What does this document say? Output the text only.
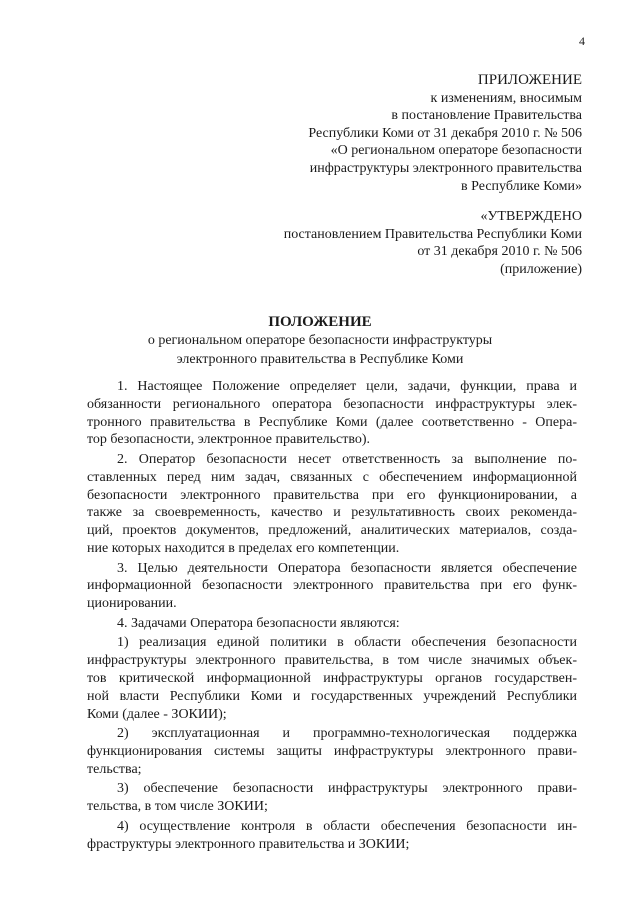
4
ПРИЛОЖЕНИЕ
к изменениям, вносимым
в постановление Правительства
Республики Коми от 31 декабря 2010 г. № 506
«О региональном операторе безопасности
инфраструктуры электронного правительства
в Республике Коми»
«УТВЕРЖДЕНО
постановлением Правительства Республики Коми
от 31 декабря 2010 г. № 506
(приложение)
ПОЛОЖЕНИЕ
о региональном операторе безопасности инфраструктуры
электронного правительства в Республике Коми
1. Настоящее Положение определяет цели, задачи, функции, права и
обязанности регионального оператора безопасности инфраструктуры элек-
тронного правительства в Республике Коми (далее соответственно - Опера-
тор безопасности, электронное правительство).
2. Оператор безопасности несет ответственность за выполнение по-
ставленных перед ним задач, связанных с обеспечением информационной
безопасности электронного правительства при его функционировании, а
также за своевременность, качество и результативность своих рекоменда-
ций, проектов документов, предложений, аналитических материалов, созда-
ние которых находится в пределах его компетенции.
3. Целью деятельности Оператора безопасности является обеспечение
информационной безопасности электронного правительства при его функ-
ционировании.
4. Задачами Оператора безопасности являются:
1) реализация единой политики в области обеспечения безопасности
инфраструктуры электронного правительства, в том числе значимых объек-
тов критической информационной инфраструктуры органов государствен-
ной власти Республики Коми и государственных учреждений Республики
Коми (далее - ЗОКИИ);
2) эксплуатационная и программно-технологическая поддержка
функционирования системы защиты инфраструктуры электронного прави-
тельства;
3) обеспечение безопасности инфраструктуры электронного прави-
тельства, в том числе ЗОКИИ;
4) осуществление контроля в области обеспечения безопасности ин-
фраструктуры электронного правительства и ЗОКИИ;
